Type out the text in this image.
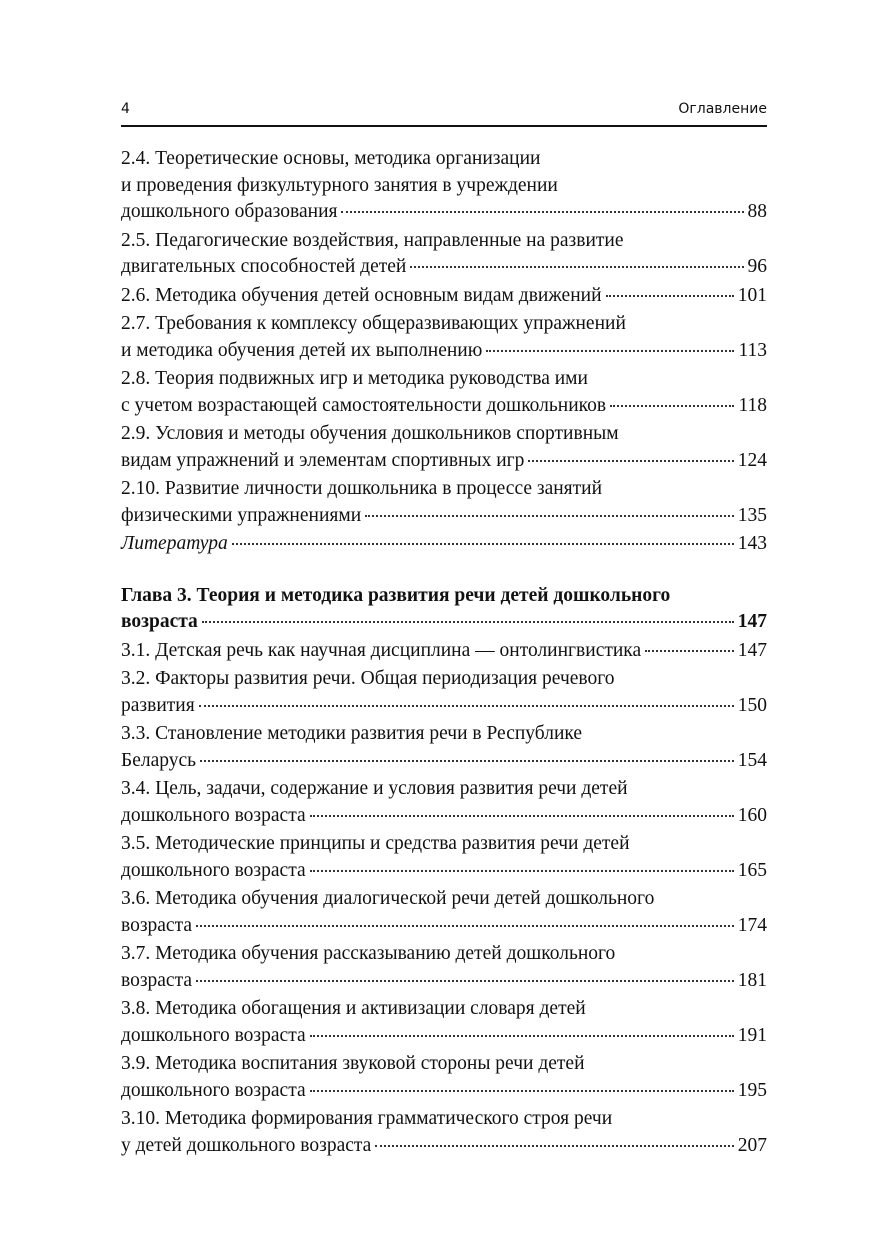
4	Оглавление
2.4. Теоретические основы, методика организации
и проведения физкультурного занятия в учреждении
дошкольного образования	88
2.5. Педагогические воздействия, направленные на развитие
двигательных способностей детей	96
2.6. Методика обучения детей основным видам движений	101
2.7. Требования к комплексу общеразвивающих упражнений
и методика обучения детей их выполнению	113
2.8. Теория подвижных игр и методика руководства ими
с учетом возрастающей самостоятельности дошкольников	118
2.9. Условия и методы обучения дошкольников спортивным
видам упражнений и элементам спортивных игр	124
2.10. Развитие личности дошкольника в процессе занятий
физическими упражнениями	135
Литература	143
Глава 3. Теория и методика развития речи детей дошкольного
возраста	147
3.1. Детская речь как научная дисциплина — онтолингвистика	147
3.2. Факторы развития речи. Общая периодизация речевого
развития	150
3.3. Становление методики развития речи в Республике
Беларусь	154
3.4. Цель, задачи, содержание и условия развития речи детей
дошкольного возраста	160
3.5. Методические принципы и средства развития речи детей
дошкольного возраста	165
3.6. Методика обучения диалогической речи детей дошкольного
возраста	174
3.7. Методика обучения рассказыванию детей дошкольного
возраста	181
3.8. Методика обогащения и активизации словаря детей
дошкольного возраста	191
3.9. Методика воспитания звуковой стороны речи детей
дошкольного возраста	195
3.10. Методика формирования грамматического строя речи
у детей дошкольного возраста	207
